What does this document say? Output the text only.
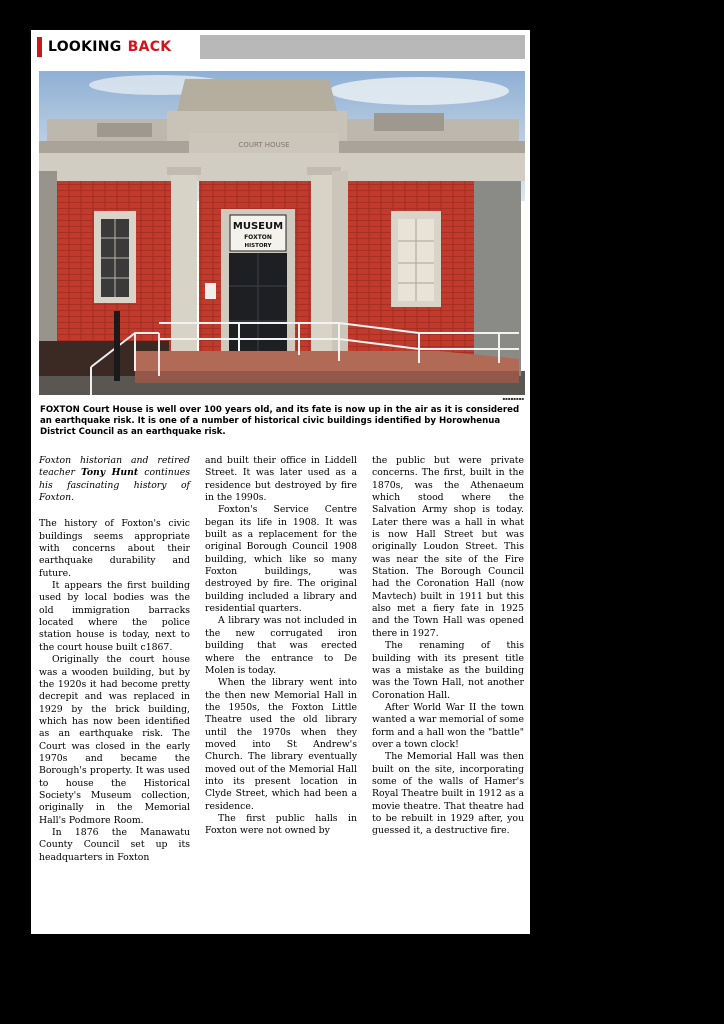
LOOKING BACK
COURT HOUSE
MUSEUM
FOXTON
HISTORY
▪▪▪▪▪▪▪▪
FOXTON Court House is well over 100 years old, and its fate is now up in the air as it is considered an earthquake risk. It is one of a number of historical civic buildings identified by Horowhenua District Council as an earthquake risk.

Foxton historian and retired teacher Tony Hunt continues his fascinating history of Foxton.

The history of Foxton's civic buildings seems appropriate with concerns about their earthquake durability and future.

It appears the first building used by local bodies was the old immigration barracks located where the police station house is today, next to the court house built c1867.

Originally the court house was a wooden building, but by the 1920s it had become pretty decrepit and was replaced in 1929 by the brick building, which has now been identified as an earthquake risk. The Court was closed in the early 1970s and became the Borough's property. It was used to house the Historical Society's Museum collection, originally in the Memorial Hall's Podmore Room.

In 1876 the Manawatu County Council set up its headquarters in Foxton

and built their office in Liddell Street. It was later used as a residence but destroyed by fire in the 1990s.

Foxton's Service Centre began its life in 1908. It was built as a replacement for the original Borough Council 1908 building, which like so many Foxton buildings, was destroyed by fire. The original building included a library and residential quarters.

A library was not included in the new corrugated iron building that was erected where the entrance to De Molen is today.

When the library went into the then new Memorial Hall in the 1950s, the Foxton Little Theatre used the old library until the 1970s when they moved into St Andrew's Church. The library eventually moved out of the Memorial Hall into its present location in Clyde Street, which had been a residence.

The first public halls in Foxton were not owned by

the public but were private concerns. The first, built in the 1870s, was the Athenaeum which stood where the Salvation Army shop is today. Later there was a hall in what is now Hall Street but was originally Loudon Street. This was near the site of the Fire Station. The Borough Council had the Coronation Hall (now Mavtech) built in 1911 but this also met a fiery fate in 1925 and the Town Hall was opened there in 1927.

The renaming of this building with its present title was a mistake as the building was the Town Hall, not another Coronation Hall.

After World War II the town wanted a war memorial of some form and a hall won the "battle" over a town clock!

The Memorial Hall was then built on the site, incorporating some of the walls of Hamer's Royal Theatre built in 1912 as a movie theatre. That theatre had to be rebuilt in 1929 after, you guessed it, a destructive fire.
